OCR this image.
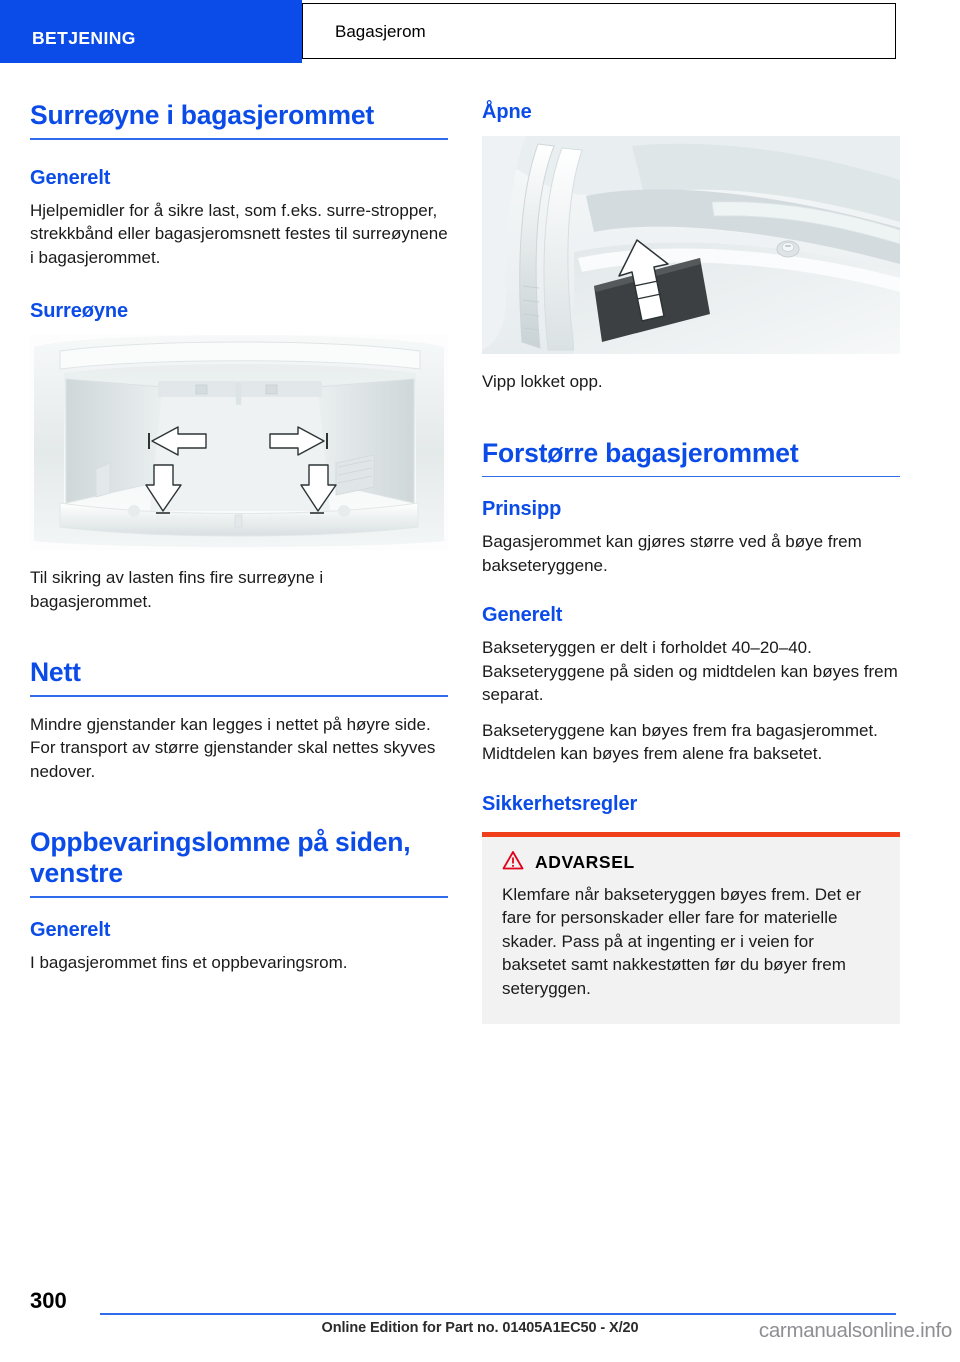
BETJENING	Bagasjerom
Surreøyne i bagasjerommet
Generelt

Hjelpemidler for å sikre last, som f.eks. surre-stropper, strekkbånd eller bagasjeromsnett festes til surreøynene i bagasjerommet.

Surreøyne

Til sikring av lasten fins fire surreøyne i bagasjerommet.

Nett

Mindre gjenstander kan legges i nettet på høyre side. For transport av større gjenstander skal nettes skyves nedover.

Oppbevaringslomme på siden, venstre
Generelt

I bagasjerommet fins et oppbevaringsrom.

Åpne

Vipp lokket opp.

Forstørre bagasjerommet
Prinsipp

Bagasjerommet kan gjøres større ved å bøye frem bakseteryggene.

Generelt

Bakseteryggen er delt i forholdet 40–20–40. Bakseteryggene på siden og midtdelen kan bøyes frem separat.

Bakseteryggene kan bøyes frem fra bagasjerommet. Midtdelen kan bøyes frem alene fra baksetet.

Sikkerhetsregler
ADVARSEL

Klemfare når bakseteryggen bøyes frem. Det er fare for personskader eller fare for materielle skader. Pass på at ingenting er i veien for baksetet samt nakkestøtten før du bøyer frem seteryggen.

300
Online Edition for Part no. 01405A1EC50 - X/20	carmanualsonline.info
